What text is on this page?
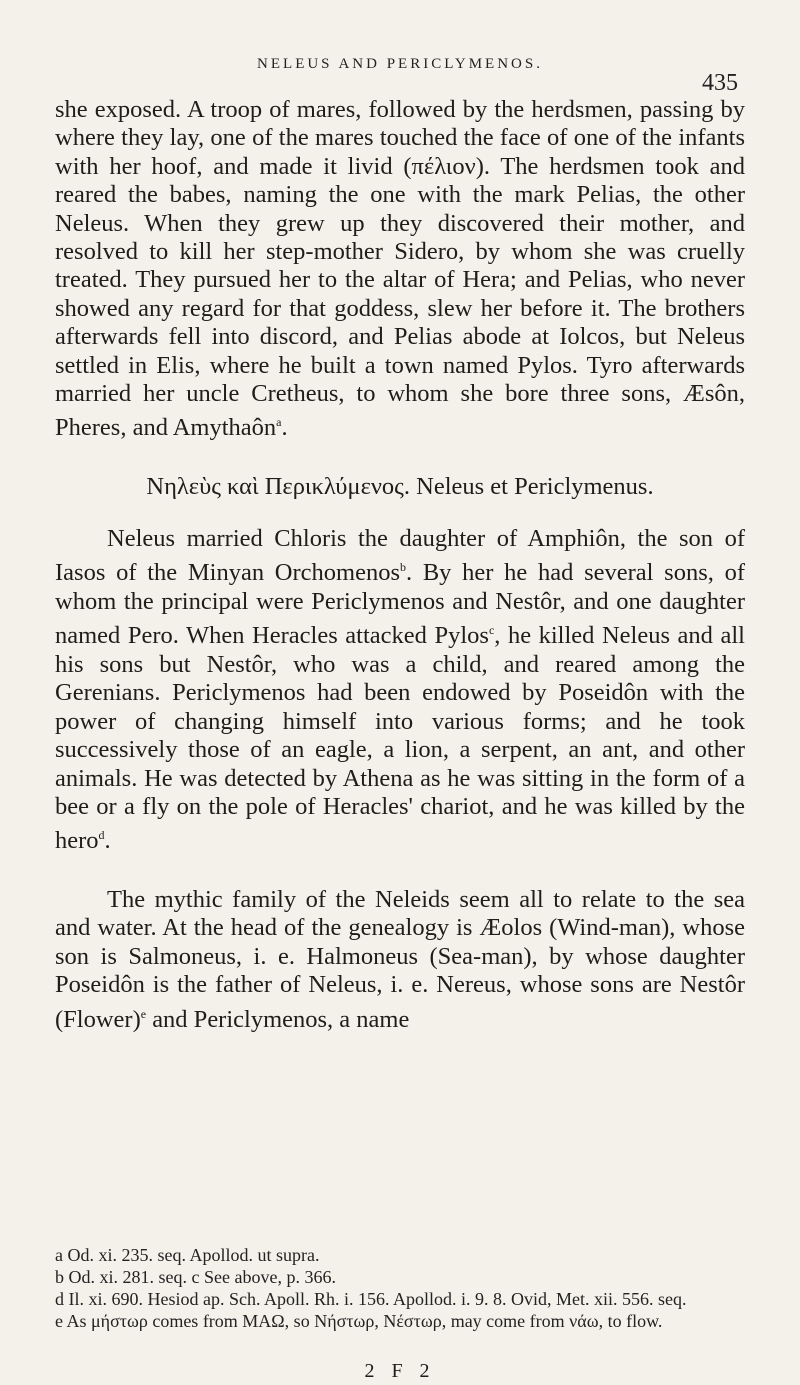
NELEUS AND PERICLYMENOS.
435

she exposed. A troop of mares, followed by the herdsmen, passing by where they lay, one of the mares touched the face of one of the infants with her hoof, and made it livid (πέλιον). The herdsmen took and reared the babes, naming the one with the mark Pelias, the other Neleus. When they grew up they discovered their mother, and resolved to kill her step-mother Sidero, by whom she was cruelly treated. They pursued her to the altar of Hera; and Pelias, who never showed any regard for that goddess, slew her before it. The brothers afterwards fell into discord, and Pelias abode at Iolcos, but Neleus settled in Elis, where he built a town named Pylos. Tyro afterwards married her uncle Cretheus, to whom she bore three sons, Æsôn, Pheres, and Amythaôn$^a$.

Νηλεὺς καὶ Περικλύμενος. Neleus et Periclymenus.

Neleus married Chloris the daughter of Amphiôn, the son of Iasos of the Minyan Orchomenos$^b$. By her he had several sons, of whom the principal were Periclymenos and Nestôr, and one daughter named Pero. When Heracles attacked Pylos$^c$, he killed Neleus and all his sons but Nestôr, who was a child, and reared among the Gerenians. Periclymenos had been endowed by Poseidôn with the power of changing himself into various forms; and he took successively those of an eagle, a lion, a serpent, an ant, and other animals. He was detected by Athena as he was sitting in the form of a bee or a fly on the pole of Heracles' chariot, and he was killed by the hero$^d$.

The mythic family of the Neleids seem all to relate to the sea and water. At the head of the genealogy is Æolos (Wind-man), whose son is Salmoneus, i. e. Halmoneus (Sea-man), by whose daughter Poseidôn is the father of Neleus, i. e. Nereus, whose sons are Nestôr (Flower)$^e$ and Periclymenos, a name

a Od. xi. 235. seq. Apollod. ut supra.
b Od. xi. 281. seq. c See above, p. 366.
d Il. xi. 690. Hesiod ap. Sch. Apoll. Rh. i. 156. Apollod. i. 9. 8. Ovid, Met. xii. 556. seq.
e As μήστωρ comes from ΜΑΩ, so Νήστωρ, Νέστωρ, may come from νάω, to flow.
2 F 2
